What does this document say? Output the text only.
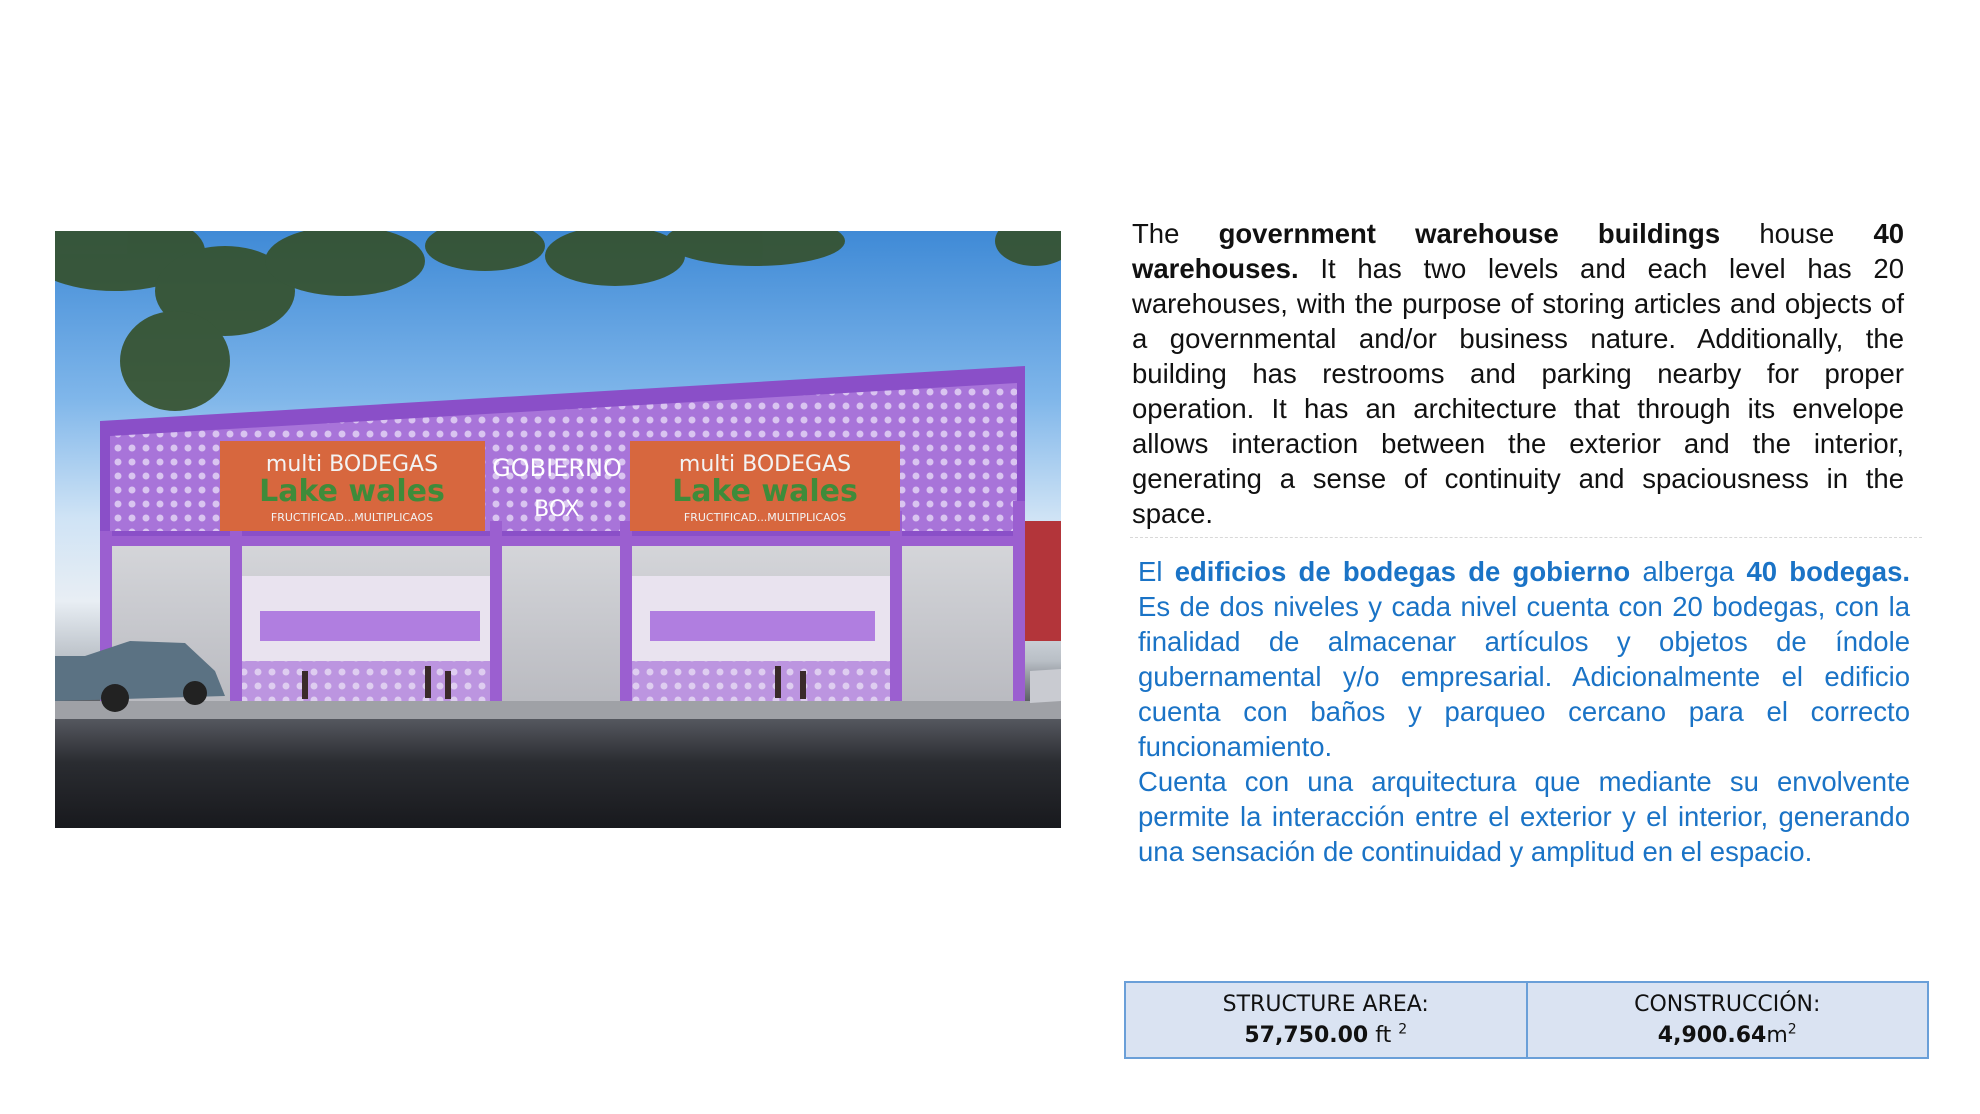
multi BODEGAS
Lake wales
FRUCTIFICAD...MULTIPLICAOS
GOBIERNO
BOX
multi BODEGAS
Lake wales
FRUCTIFICAD...MULTIPLICAOS
The government warehouse buildings house 40 warehouses. It has two levels and each level has 20 warehouses, with the purpose of storing articles and objects of a governmental and/or business nature. Additionally, the building has restrooms and parking nearby for proper operation. It has an architecture that through its envelope allows interaction between the exterior and the interior, generating a sense of continuity and spaciousness in the space.

El edificios de bodegas de gobierno alberga 40 bodegas. Es de dos niveles y cada nivel cuenta con 20 bodegas, con la finalidad de almacenar artículos y objetos de índole gubernamental y/o empresarial. Adicionalmente el edificio cuenta con baños y parqueo cercano para el correcto funcionamiento.

Cuenta con una arquitectura que mediante su envolvente permite la interacción entre el exterior y el interior, generando una sensación de continuidad y amplitud en el espacio.

STRUCTURE AREA:
57,750.00 ft $^2$
CONSTRUCCIÓN:
$4,900.64m^2$
